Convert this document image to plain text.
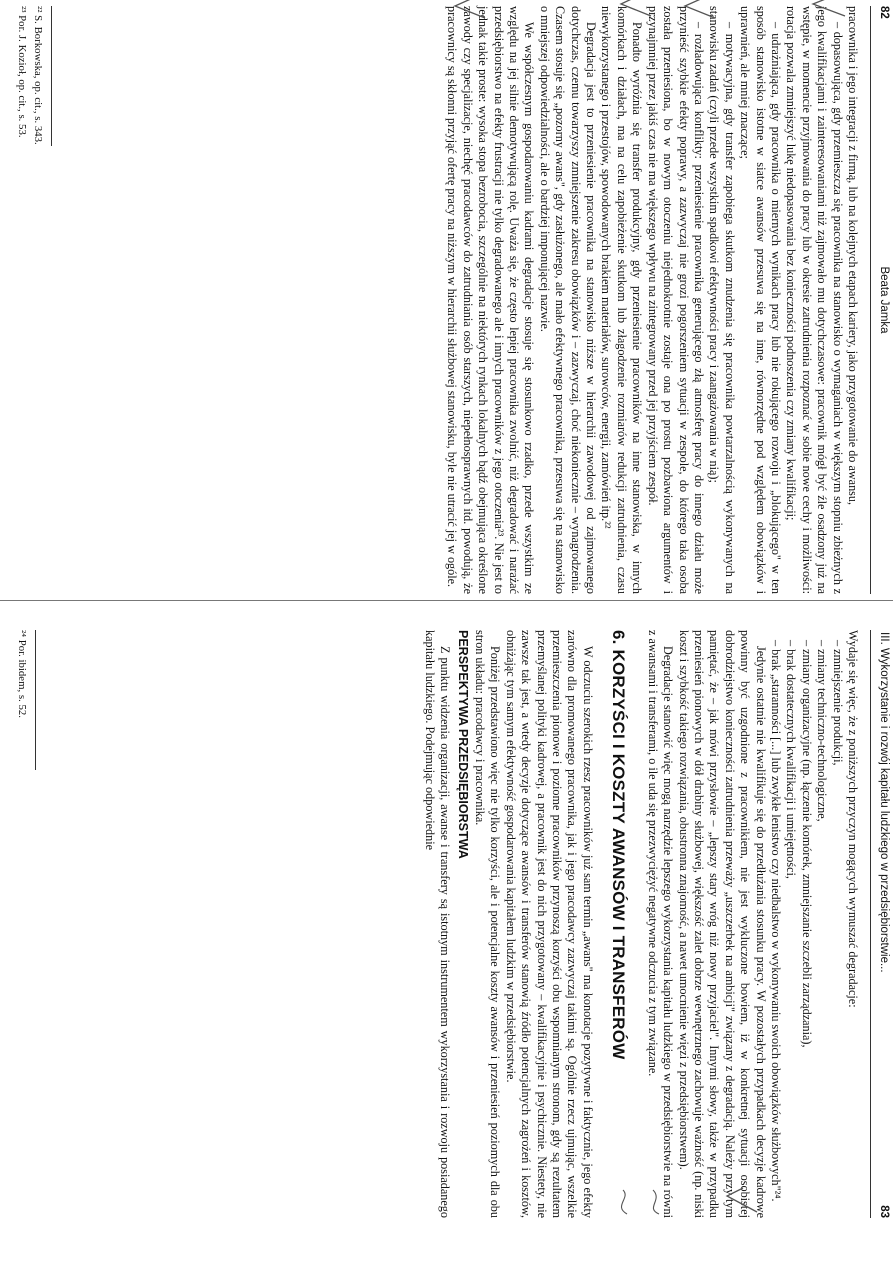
82
Beata Jamka

pracownika i jego integracji z firmą, lub na kolejnych etapach kariery, jako przygotowanie do awansu,

– dopasowująca, gdy przemieszcza się pracownika na stanowisko o wymaganiach w większym stopniu zbieżnych z jego kwalifikacjami i zainteresowaniami niż zajmowało mu dotychczasowe: pracownik mógł być źle osadzony już na wstępie, w momencie przyjmowania do pracy lub w okresie zatrudnienia rozpoznać w sobie nowe cechy i możliwości: rotacja pozwala zmniejszyć lukę niedopasowania bez konieczności podnoszenia czy zmiany kwalifikacji;

– udrażniająca, gdy pracownika o miernych wynikach pracy lub nie rokującego rozwoju i „blokującego" w ten sposób stanowisko istotne w siatce awansów przesuwa się na inne, równorzędne pod względem obowiązków i uprawnień, ale mniej znaczące;

– motywacyjna, gdy transfer zapobiega skutkom znudzenia się pracownika powtarzalnością wykonywanych na stanowisku zadań (czyli przede wszystkim spadkowi efektywności pracy i zaangażowania w nią);

– rozładowująca konflikty: przeniesienie pracownika generującego złą atmosferę pracy do innego działu może przynieść szybkie efekty poprawy, a zazwyczaj nie grozi pogorszeniem sytuacji w zespole, do którego taka osoba została przeniesiona, bo w nowym otoczeniu niejednokrotnie zostaje ona po prostu pozbawiona argumentów i przynajmniej przez jakiś czas nie ma większego wpływu na zintegrowany przed jej przyjściem zespół.

Ponadto wyróżnia się transfer produkcyjny, gdy przeniesienie pracowników na inne stanowiska, w innych komórkach i działach, ma na celu zapobieżenie skutkom lub złagodzenie rozmiarów redukcji zatrudnienia, czasu niewykorzystanego i przestojów, spowodowanych brakiem materiałów, surowców, energii, zamówień itp.²²

Degradacja jest to przeniesienie pracownika na stanowisko niższe w hierarchii zawodowej od zajmowanego dotychczas, czemu towarzyszy zmniejszenie zakresu obowiązków i – zazwyczaj, choć niekoniecznie – wynagrodzenia. Czasem stosuje się „pozorny awans", gdy zasłużonego, ale mało efektywnego pracownika, przesuwa się na stanowisko o mniejszej odpowiedzialności, ale o bardziej imponującej nazwie.

We współczesnym gospodarowaniu kadrami degradacje stosuje się stosunkowo rzadko, przede wszystkim ze względu na jej silnie demotywującą rolę. Uważa się, że często lepiej pracownika zwolnić, niż degradować i narażać przedsiębiorstwo na efekty frustracji nie tylko degradowanego ale i innych pracowników z jego otoczenia²³. Nie jest to jednak takie proste: wysoka stopa bezrobocia, szczególnie na niektórych rynkach lokalnych bądź obejmująca określone zawody czy specjalizacje, niechęć pracodawców do zatrudniania osób starszych, niepełnosprawnych itd. powodują, że pracownicy są skłonni przyjąć ofertę pracy na niższym w hierarchii służbowej stanowisku, byle nie utracić jej w ogóle.

²² S. Borkowska, op. cit., s. 343.
²³ Por. J. Kozioł, op. cit., s. 53.
III. Wykorzystanie i rozwój kapitału ludzkiego w przedsiębiorstwie...
83

Wydaje się więc, że z poniższych przyczyn mogących wymuszać degradacje:

– zmniejszenie produkcji,
– zmiany techniczno-technologiczne,
– zmiany organizacyjne (np. łączenie komórek, zmniejszanie szczebli zarządzania),
– brak dostatecznych kwalifikacji i umiejętności,
– brak „staranności [...] lub zwykłe lenistwo czy niedbalstwo w wykonywaniu swoich obowiązków służbowych"²⁴.

Jedynie ostatnie nie kwalifikuje się do przedłużania stosunku pracy. W pozostałych przypadkach decyzje kadrowe powinny być uzgodnione z pracownikiem, nie jest wykluczone bowiem, iż w konkretnej sytuacji osobistej dobrodziejstwo konieczności zatrudnienia przeważy „uszczerbek na ambicji" związany z degradacją. Należy przy tym pamiętać, że – jak mówi przysłowie – „lepszy stary wróg niż nowy przyjaciel". Innymi słowy, także w przypadku przeniesień pionowych w dół drabiny służbowej, większość zalet dobrze wewnętrznego zachowuje ważność (np. niski koszt i szybkość takiego rozwiązania, obustronna znajomość, a nawet umocnienie więzi z przedsiębiorstwem).

Degradacje stanowić więc mogą narzędzie lepszego wykorzystania kapitału ludzkiego w przedsiębiorstwie na równi z awansami i transferami, o ile uda się przezwyciężyć negatywne odczucia z tym związane.

6. KORZYŚCI I KOSZTY AWANSÓW I TRANSFERÓW

W odczuciu szerokich rzesz pracowników już sam termin „awans" ma konotacje pozytywne i faktycznie, jego efekty zarówno dla promowanego pracownika, jak i jego pracodawcy zazwyczaj takimi są. Ogólnie rzecz ujmując, wszelkie przemieszczenia pionowe i poziome pracowników przynoszą korzyści obu wspomnianym stronom, gdy są rezultatem przemyślanej polityki kadrowej, a pracownik jest do nich przygotowany – kwalifikacyjnie i psychicznie. Niestety, nie zawsze tak jest, a wtedy decyzje dotyczące awansów i transferów stanowią źródło potencjalnych zagrożeń i kosztów, obniżając tym samym efektywność gospodarowania kapitałem ludzkim w przedsiębiorstwie.

Poniżej przedstawiono więc nie tylko korzyści, ale i potencjalne koszty awansów i przeniesień poziomych dla obu stron układu: pracodawcy i pracownika.

PERSPEKTYWA PRZEDSIĘBIORSTWA

Z punktu widzenia organizacji, awanse i transfery są istotnym instrumentem wykorzystania i rozwoju posiadanego kapitału ludzkiego. Podejmując odpowiednie

²⁴ Por. ibidem, s. 52.
